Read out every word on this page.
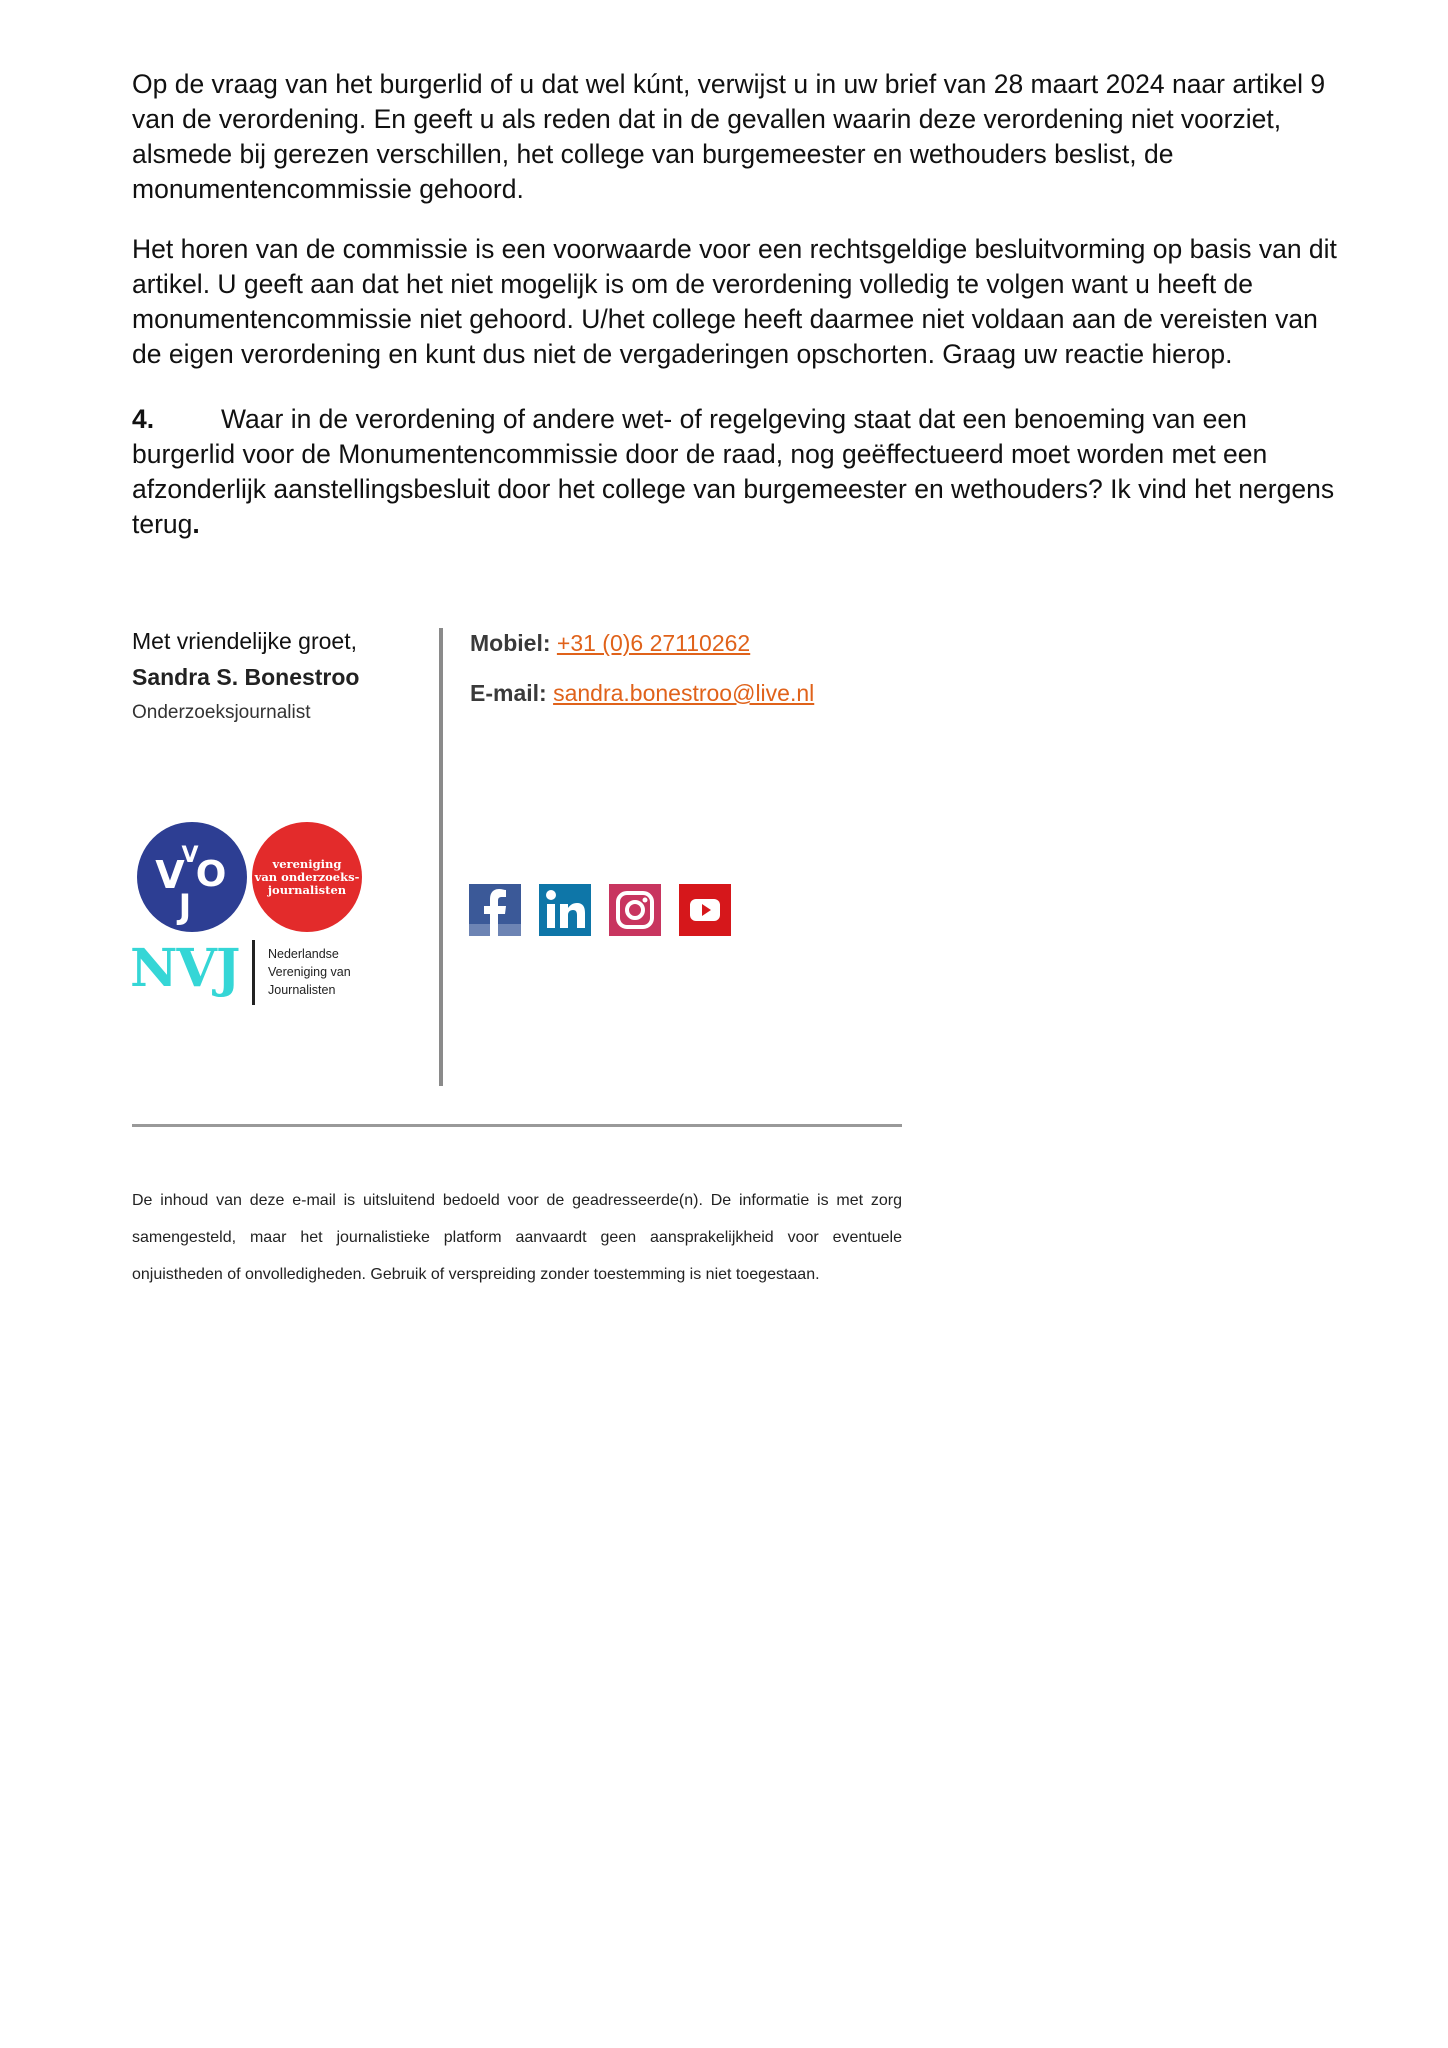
Op de vraag van het burgerlid of u dat wel kúnt, verwijst u in uw brief van 28 maart 2024 naar artikel 9 van de verordening. En geeft u als reden dat in de gevallen waarin deze verordening niet voorziet, alsmede bij gerezen verschillen, het college van burgemeester en wethouders beslist, de monumentencommissie gehoord.

Het horen van de commissie is een voorwaarde voor een rechtsgeldige besluitvorming op basis van dit artikel. U geeft aan dat het niet mogelijk is om de verordening volledig te volgen want u heeft de monumentencommissie niet gehoord. U/het college heeft daarmee niet voldaan aan de vereisten van de eigen verordening en kunt dus niet de vergaderingen opschorten. Graag uw reactie hierop.

4.	Waar in de verordening of andere wet- of regelgeving staat dat een benoeming van een burgerlid voor de Monumentencommissie door de raad, nog geëffectueerd moet worden met een afzonderlijk aanstellingsbesluit door het college van burgemeester en wethouders? Ik vind het nergens terug.

Met vriendelijke groet,
Sandra S. Bonestroo
Onderzoeksjournalist
Mobiel: +31 (0)6 27110262
E-mail: sandra.bonestroo@live.nl
V
V
O
J
vereniging
van onderzoeks-
journalisten
NVJ Nederlandse
Vereniging van
Journalisten

De inhoud van deze e-mail is uitsluitend bedoeld voor de geadresseerde(n). De informatie is met zorg samengesteld, maar het journalistieke platform aanvaardt geen aansprakelijkheid voor eventuele onjuistheden of onvolledigheden. Gebruik of verspreiding zonder toestemming is niet toegestaan.
